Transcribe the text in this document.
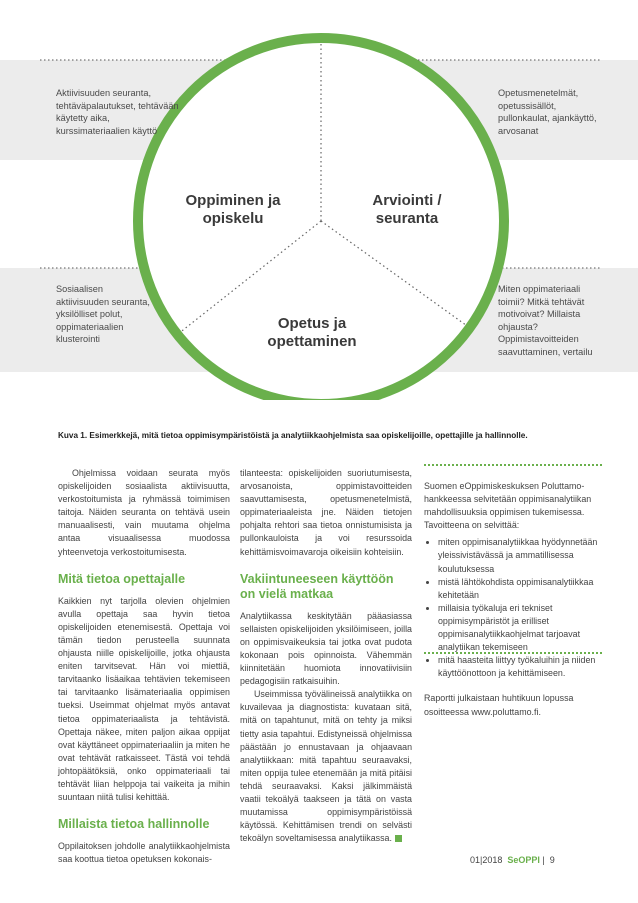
Aktiivisuuden seuranta, tehtäväpalautukset, tehtävään käytetty aika, kurssimateriaalien käyttö
Opetusmenetelmät, opetussisällöt, pullonkaulat, ajankäyttö, arvosanat
Sosiaalisen aktiivisuuden seuranta, yksilölliset polut, oppimateriaalien klusterointi
Miten oppimateriaali toimii? Mitkä tehtävät motivoivat? Millaista ohjausta? Oppimistavoitteiden saavuttaminen, vertailu
Oppiminen ja opiskelu
Arviointi / seuranta
Opetus ja opettaminen
Kuva 1. Esimerkkejä, mitä tietoa oppimisympäristöistä ja analytiikkaohjelmista saa opiskelijoille, opettajille ja hallinnolle.

Ohjelmissa voidaan seurata myös opiskelijoiden sosiaalista aktiivisuutta, verkostoitumista ja ryhmässä toimimisen taitoja. Näiden seuranta on tehtävä usein manuaalisesti, vain muutama ohjelma antaa visuaalisessa muodossa yhteenvetoja verkostoitumisesta.

Mitä tietoa opettajalle

Kaikkien nyt tarjolla olevien ohjelmien avulla opettaja saa hyvin tietoa opiskelijoiden etenemisestä. Opettaja voi tämän tiedon perusteella suunnata ohjausta niille opiskelijoille, jotka ohjausta eniten tarvitsevat. Hän voi miettiä, tarvitaanko lisäaikaa tehtävien tekemiseen tai tarvitaanko lisämateriaalia oppimisen tueksi. Useimmat ohjelmat myös antavat tietoa oppimateriaalista ja tehtävistä. Opettaja näkee, miten paljon aikaa oppijat ovat käyttäneet oppimateriaaliin ja miten he ovat tehtävät ratkaisseet. Tästä voi tehdä johtopäätöksiä, onko oppimateriaali tai tehtävät liian helppoja tai vaikeita ja mihin suuntaan niitä tulisi kehittää.

Millaista tietoa hallinnolle

Oppilaitoksen johdolle analytiikkaohjelmista saa koottua tietoa opetuksen kokonais-

tilanteesta: opiskelijoiden suoriutumisesta, arvosanoista, oppimistavoitteiden saavuttamisesta, opetusmenetelmistä, oppimateriaaleista jne. Näiden tietojen pohjalta rehtori saa tietoa onnistumisista ja pullonkauloista ja voi resurssoida kehittämisvoimavaroja oikeisiin kohteisiin.

Vakiintuneeseen käyttöön on vielä matkaa

Analytiikassa keskitytään pääasiassa sellaisten opiskelijoiden yksilöimiseen, joilla on oppimisvaikeuksia tai jotka ovat pudota kokonaan pois opinnoista. Vähemmän kiinnitetään huomiota innovatiivisiin pedagogisiin ratkaisuihin.

Useimmissa työvälineissä analytiikka on kuvailevaa ja diagnostista: kuvataan sitä, mitä on tapahtunut, mitä on tehty ja miksi tietty asia tapahtui. Edistyneissä ohjelmissa päästään jo ennustavaan ja ohjaavaan analytiikkaan: mitä tapahtuu seuraavaksi, miten oppija tulee etenemään ja mitä pitäisi tehdä seuraavaksi. Kaksi jälkimmäistä vaatii tekoälyä taakseen ja tätä on vasta muutamissa oppimisympäristöissä käytössä. Kehittämisen trendi on selvästi tekoälyn soveltamisessa analytiikassa.

Suomen eOppimiskeskuksen Poluttamo-hankkeessa selvitetään oppimisanalytiikan mahdollisuuksia oppimisen tukemisessa. Tavoitteena on selvittää:

• miten oppimisanalytiikkaa hyödynnetään yleissivistävässä ja ammatillisessa koulutuksessa
• mistä lähtökohdista oppimisanalytiikkaa kehitetään
• millaisia työkaluja eri tekniset oppimisympäristöt ja erilliset oppimisanalytiikkaohjelmat tarjoavat analytiikan tekemiseen
• mitä haasteita liittyy työkaluihin ja niiden käyttöönottoon ja kehittämiseen.

Raportti julkaistaan huhtikuun lopussa osoitteessa www.poluttamo.fi.

01|2018 SeOPPI |  9
